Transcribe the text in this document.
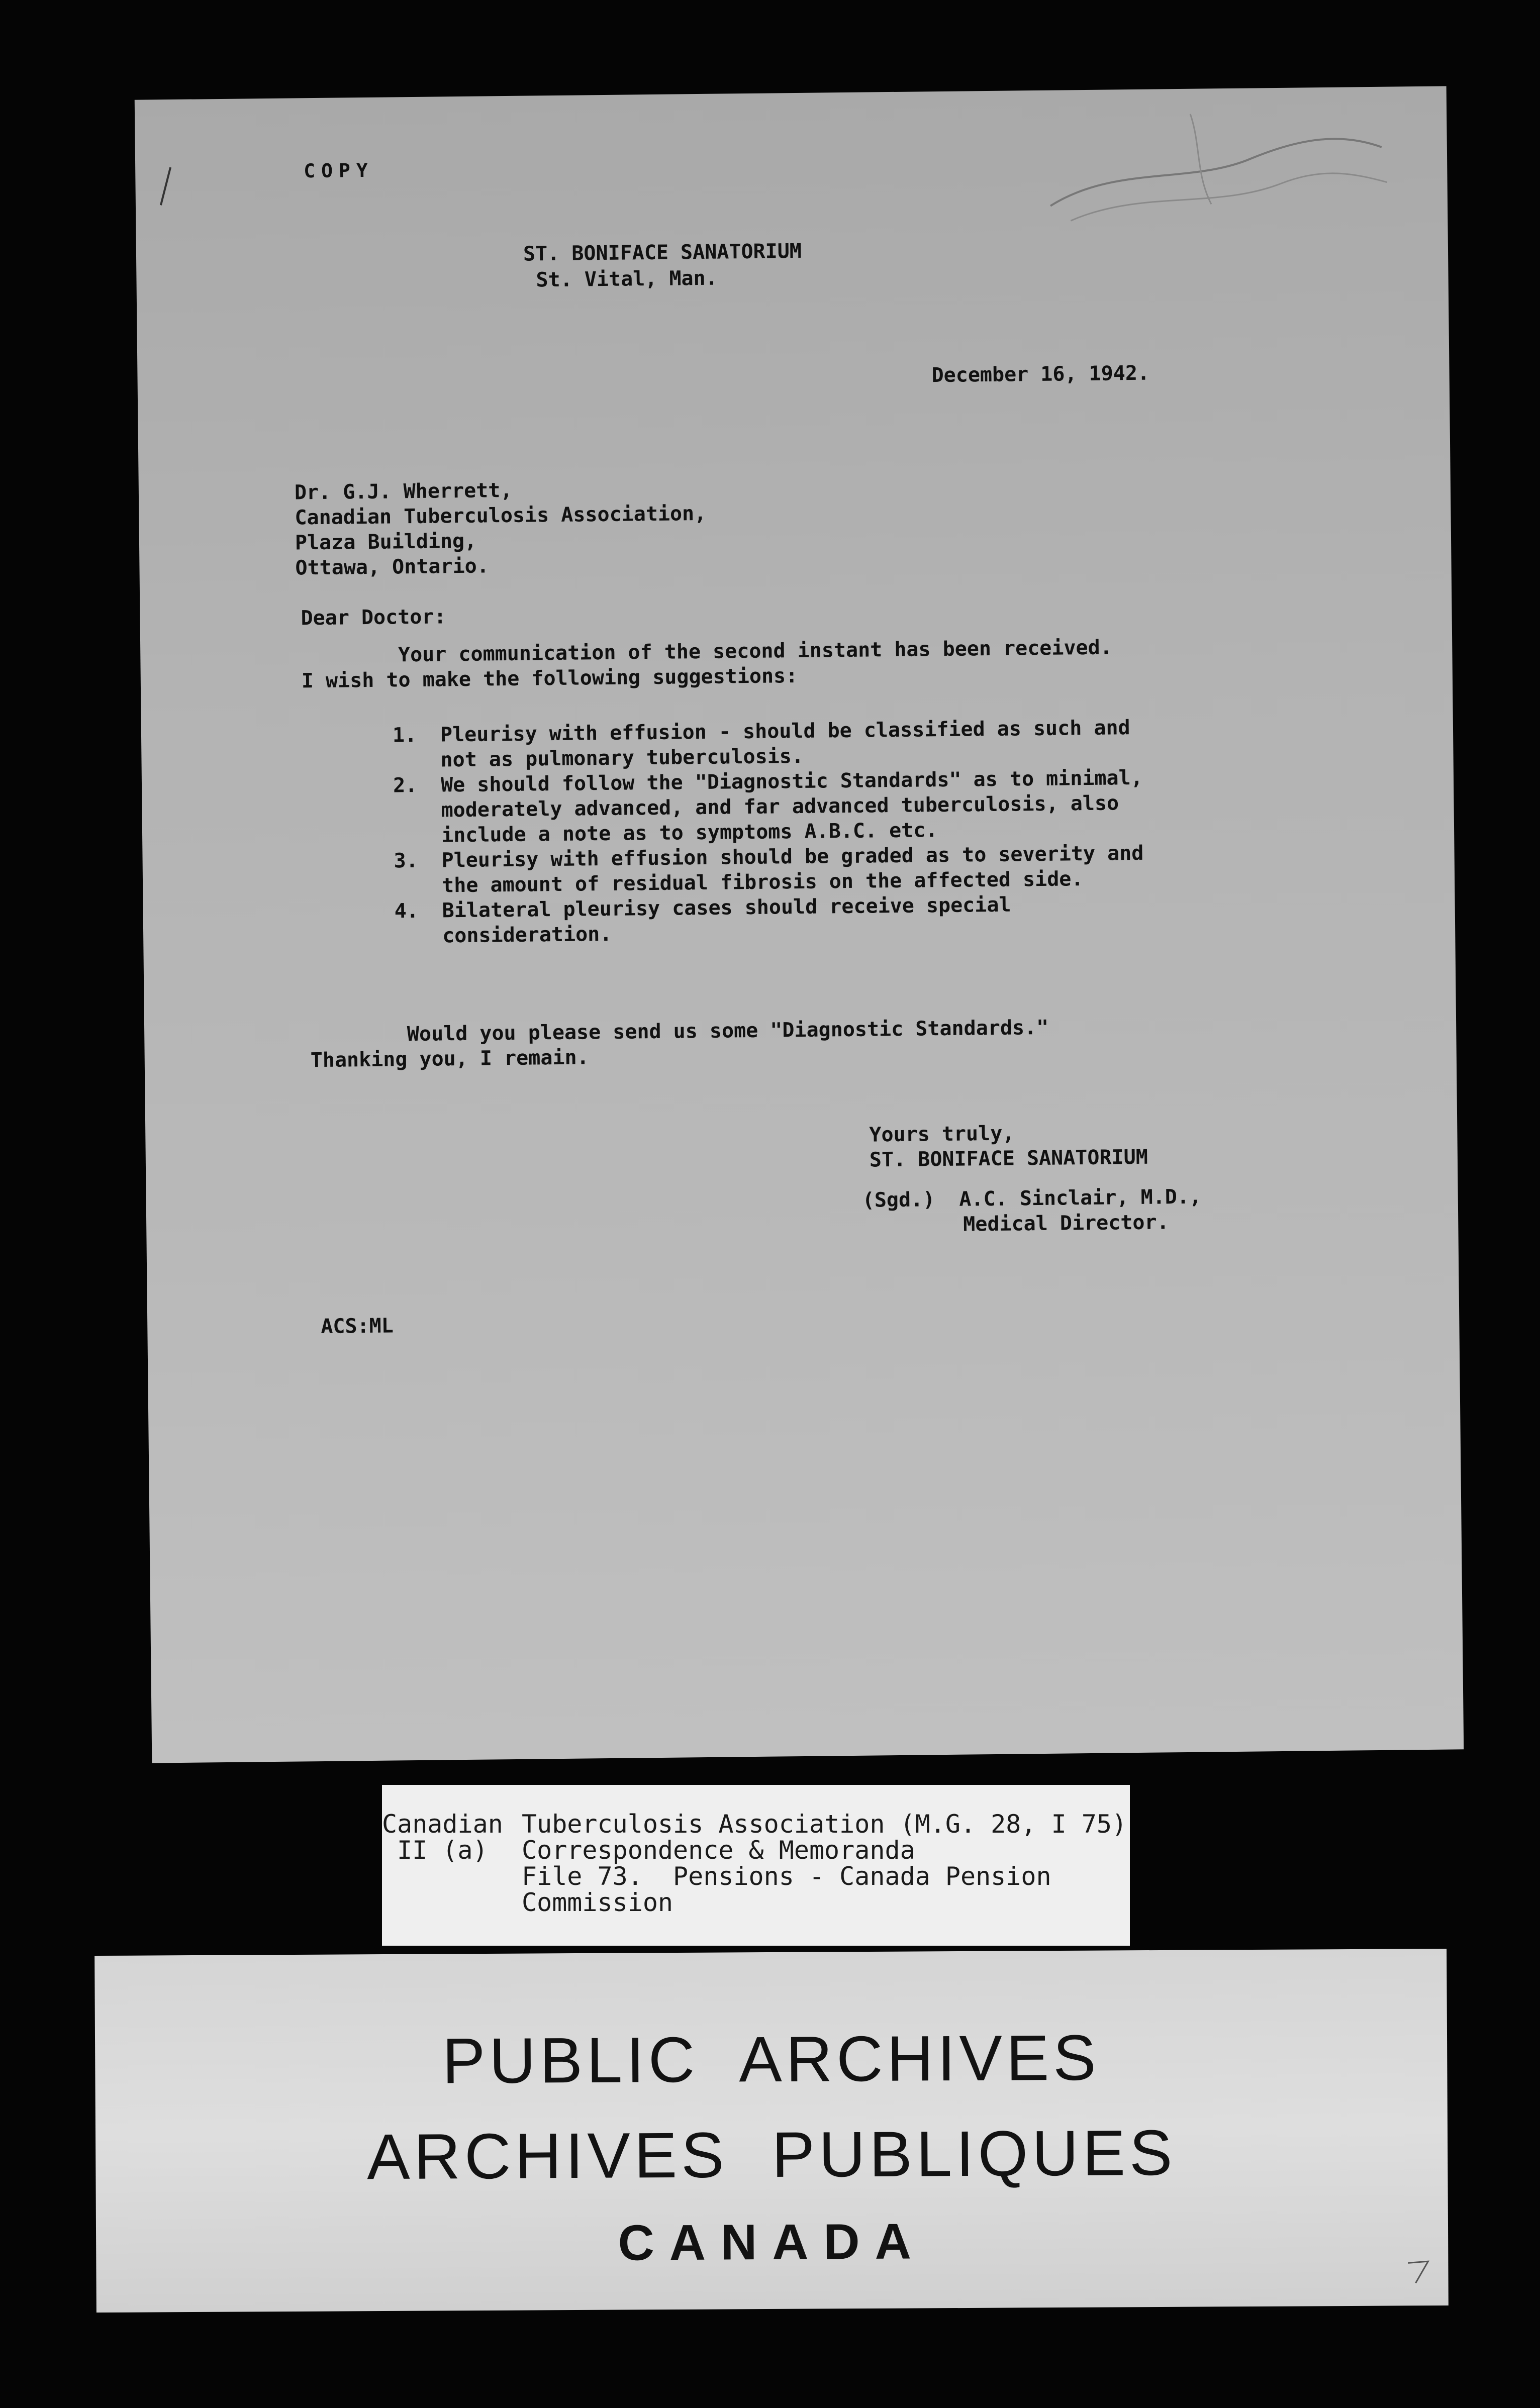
COPY

ST. BONIFACE SANATORIUM

St. Vital, Man.

December 16, 1942.

Dr. G.J. Wherrett,

Canadian Tuberculosis Association,

Plaza Building,

Ottawa, Ontario.

Dear Doctor:

Your communication of the second instant has been received.

I wish to make the following suggestions:

1. Pleurisy with effusion - should be classified as such and not as pulmonary tuberculosis.
2. We should follow the "Diagnostic Standards" as to minimal, moderately advanced, and far advanced tuberculosis, also include a note as to symptoms A.B.C. etc.
3. Pleurisy with effusion should be graded as to severity and the amount of residual fibrosis on the affected side.
4. Bilateral pleurisy cases should receive special consideration.

Would you please send us some "Diagnostic Standards."

Thanking you, I remain.

Yours truly,

ST. BONIFACE SANATORIUM

(Sgd.)  A.C. Sinclair, M.D.,

Medical Director.

ACS:ML

Canadian Tuberculosis Association (M.G. 28, I 75)
II (a) Correspondence & Memoranda
File 73.  Pensions - Canada Pension
Commission
PUBLIC  ARCHIVES
ARCHIVES  PUBLIQUES
CANADA
